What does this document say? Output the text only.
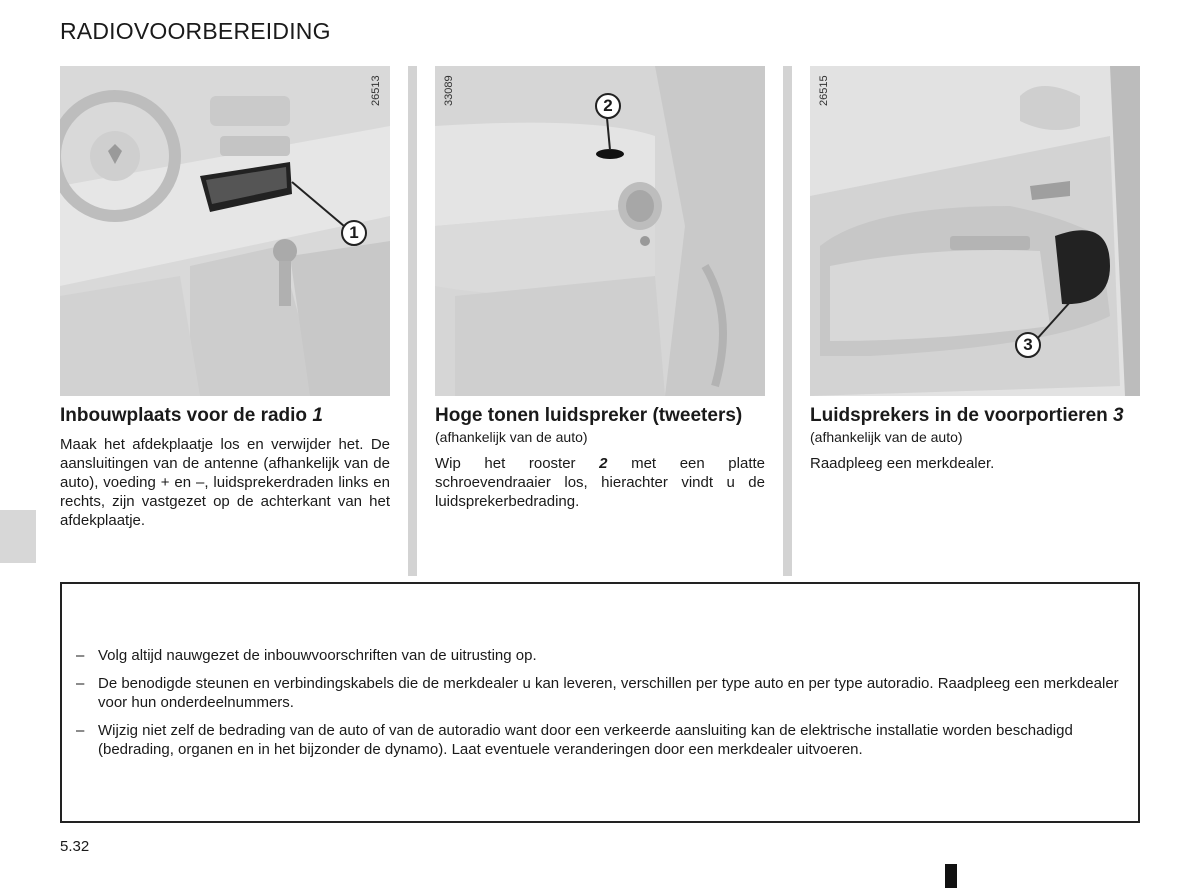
RADIOVOORBEREIDING
26513
1
Inbouwplaats voor de radio 1
Maak het afdekplaatje los en verwijder het. De aansluitingen van de antenne (afhankelijk van de auto), voeding + en –, luidsprekerdraden links en rechts, zijn vastgezet op de achterkant van het afdekplaatje.
33089	2
Hoge tonen luidspreker (tweeters)
(afhankelijk van de auto)
Wip het rooster 2 met een platte schroevendraaier los, hierachter vindt u de luidsprekerbedrading.
26515
3
Luidsprekers in de voorportieren 3
(afhankelijk van de auto)
Raadpleeg een merkdealer.
– Volg altijd nauwgezet de inbouwvoorschriften van de uitrusting op.
– De benodigde steunen en verbindingskabels die de merkdealer u kan leveren, verschillen per type auto en per type autoradio. Raadpleeg een merkdealer voor hun onderdeelnummers.
– Wijzig niet zelf de bedrading van de auto of van de autoradio want door een verkeerde aansluiting kan de elektrische installatie worden beschadigd (bedrading, organen en in het bijzonder de dynamo). Laat eventuele veranderingen door een merkdealer uitvoeren.
5.32
